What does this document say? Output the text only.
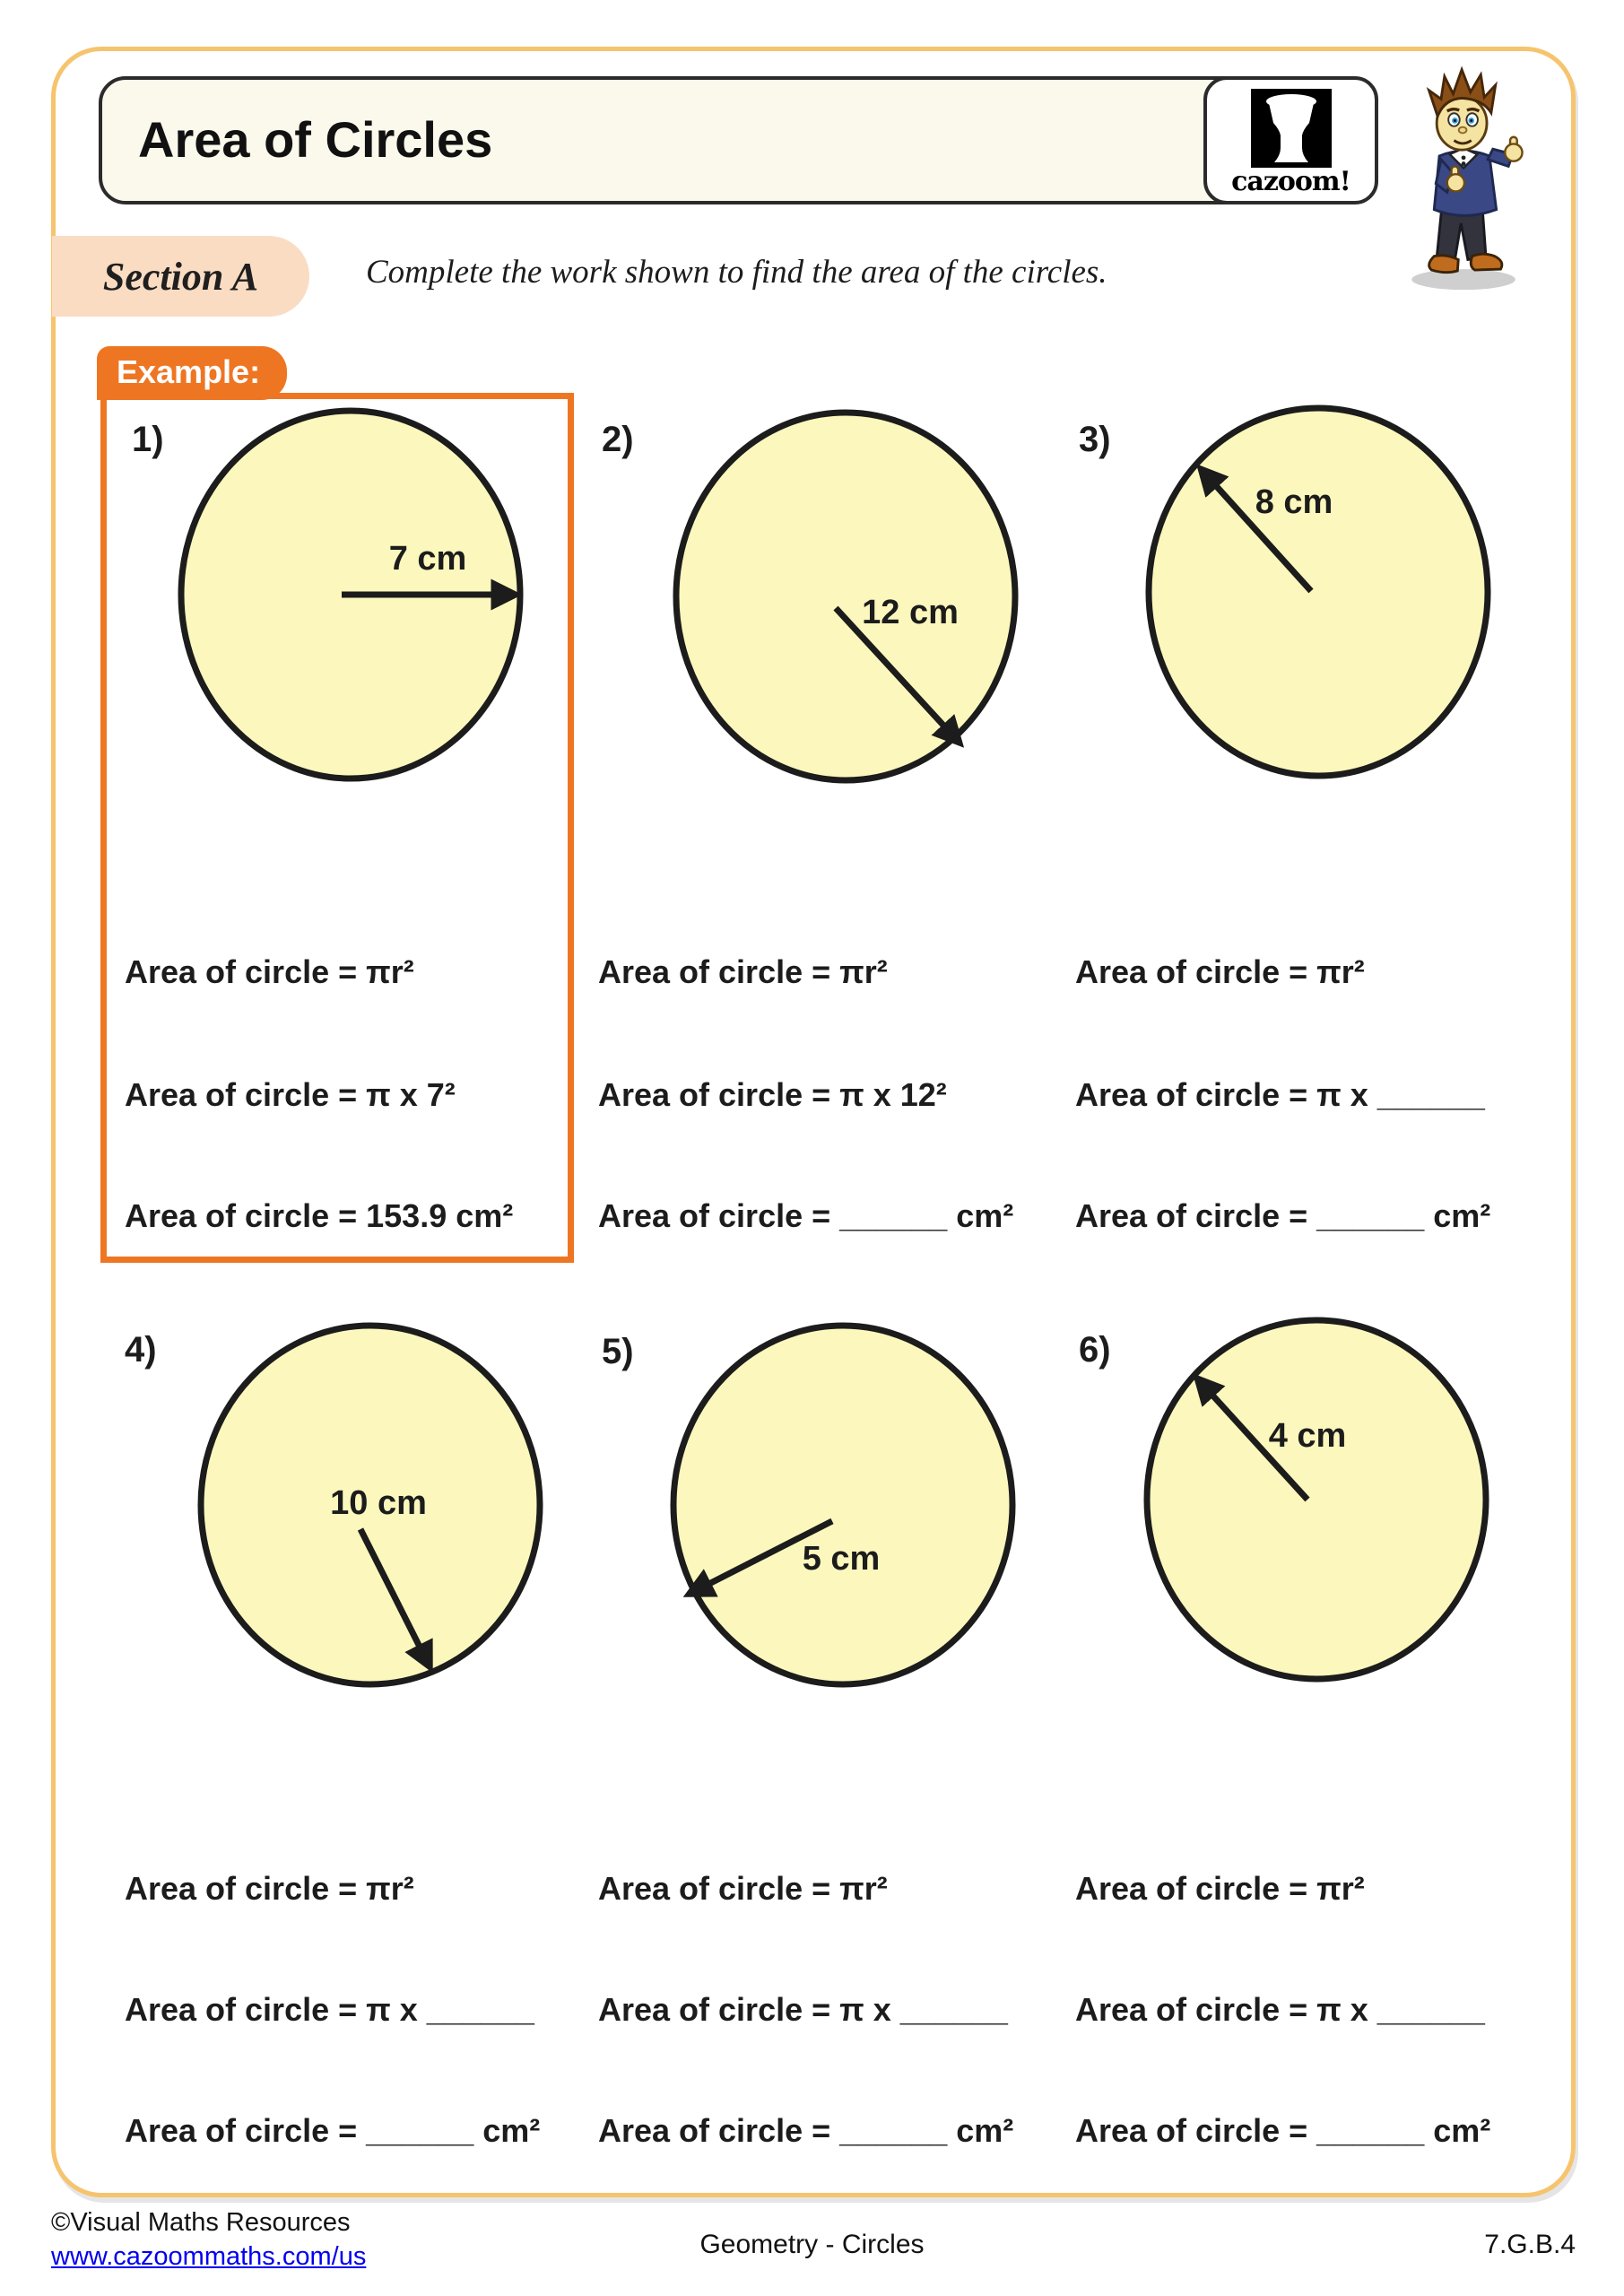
Area of Circles
cazoom!
Section A	Complete the work shown to find the area of the circles.
Example:
1)	2)	3)
4)	5)	6)
7 cm
12 cm
8 cm
10 cm
5 cm
4 cm
Area of circle = πr²
Area of circle = π x 7²
Area of circle = 153.9 cm²
Area of circle = πr²
Area of circle = π x 12²
Area of circle = ______ cm²
Area of circle = πr²
Area of circle = π x ______
Area of circle = ______ cm²
Area of circle = πr²
Area of circle = π x ______
Area of circle = ______ cm²
Area of circle = πr²
Area of circle = π x ______
Area of circle = ______ cm²
Area of circle = πr²
Area of circle = π x ______
Area of circle = ______ cm²
©Visual Maths Resources
www.cazoommaths.com/us	Geometry - Circles	7.G.B.4
